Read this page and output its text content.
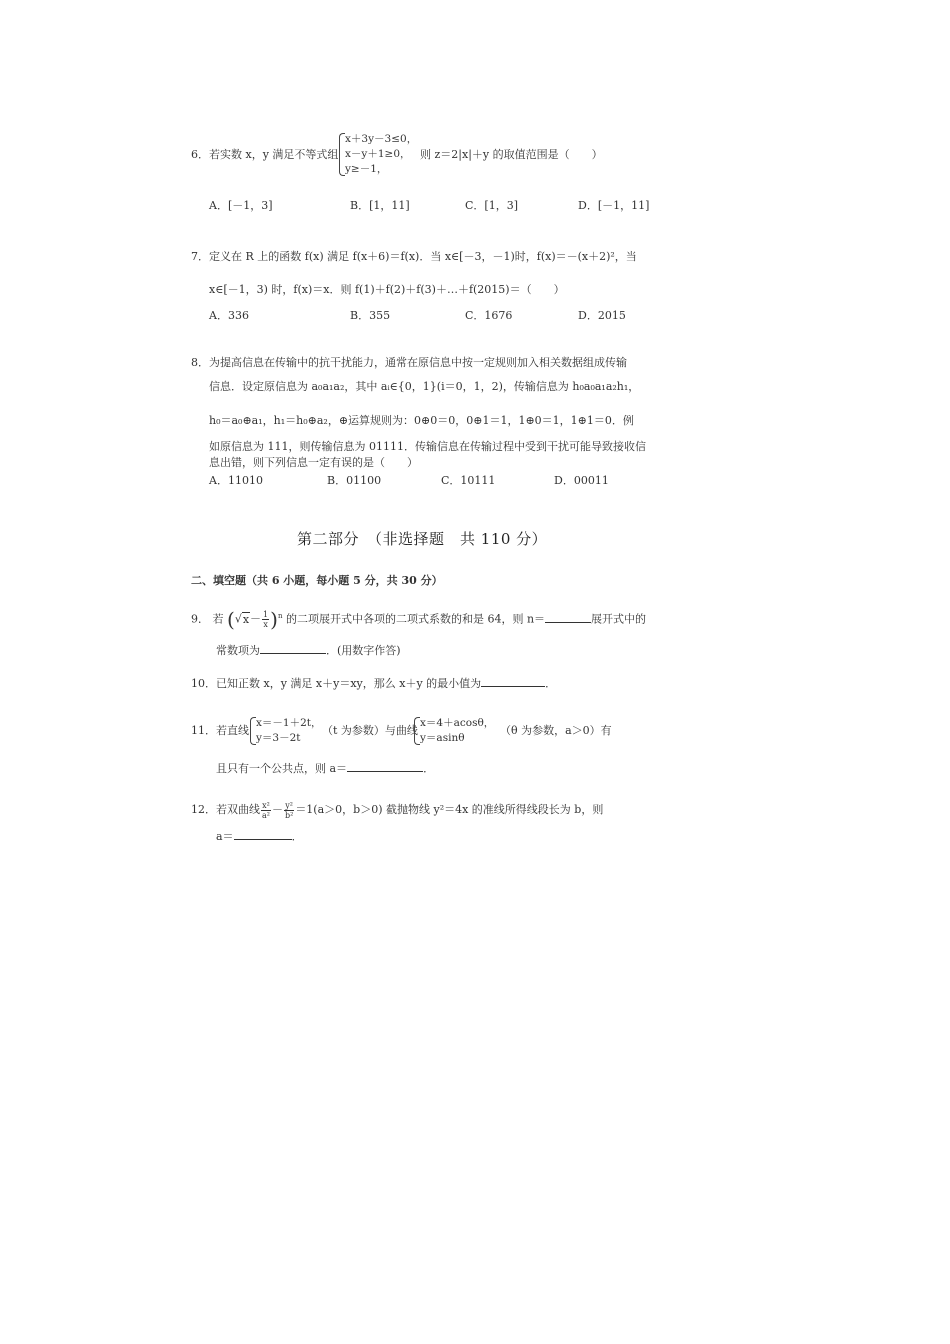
6．若实数 x，y 满足不等式组
x＋3y－3≤0，
x－y＋1≥0，
y≥－1，
则 z＝2|x|＋y 的取值范围是（　　）
A．[－1，3]	B．[1，11]	C．[1，3]	D．[－1，11]
7．定义在 R 上的函数 f(x) 满足 f(x＋6)＝f(x)．当 x∈[－3，－1)时，f(x)＝－(x＋2)²，当
x∈[－1，3) 时，f(x)＝x．则 f(1)＋f(2)＋f(3)＋…＋f(2015)＝（　　）
A．336	B．355	C．1676	D．2015
8．为提高信息在传输中的抗干扰能力，通常在原信息中按一定规则加入相关数据组成传输
信息．设定原信息为 a₀a₁a₂，其中 aᵢ∈{0，1}(i＝0，1，2)，传输信息为 h₀a₀a₁a₂h₁，
h₀＝a₀⊕a₁，h₁＝h₀⊕a₂，⊕运算规则为：0⊕0＝0，0⊕1＝1，1⊕0＝1，1⊕1＝0．例
如原信息为 111，则传输信息为 01111．传输信息在传输过程中受到干扰可能导致接收信
息出错，则下列信息一定有误的是（　　）
A．11010	B．01100	C．10111	D．00011
第二部分　（非选择题　共 110 分）
二、填空题（共 6 小题，每小题 5 分，共 30 分）
9． 若 $(√x- \frac{1}{x} )^n$ 的二项展开式中各项的二项式系数的和是 64，则 n＝	展开式中的
常数项为	．(用数字作答)
10．已知正数 x，y 满足 x＋y＝xy，那么 x＋y 的最小值为	．
11．若直线
x＝－1＋2t，
y＝3－2t
（t 为参数）与曲线
x＝4＋acosθ，
y＝asinθ
（θ 为参数，a＞0）有
且只有一个公共点，则 a＝	．
12．若双曲线 $\frac{\text{x²}}{\text{a²}} - \frac{\text{y²}}{\text{b²}} =1(a>0$，b＞0) 截抛物线 y²＝4x 的准线所得线段长为 b，则
a＝	．
